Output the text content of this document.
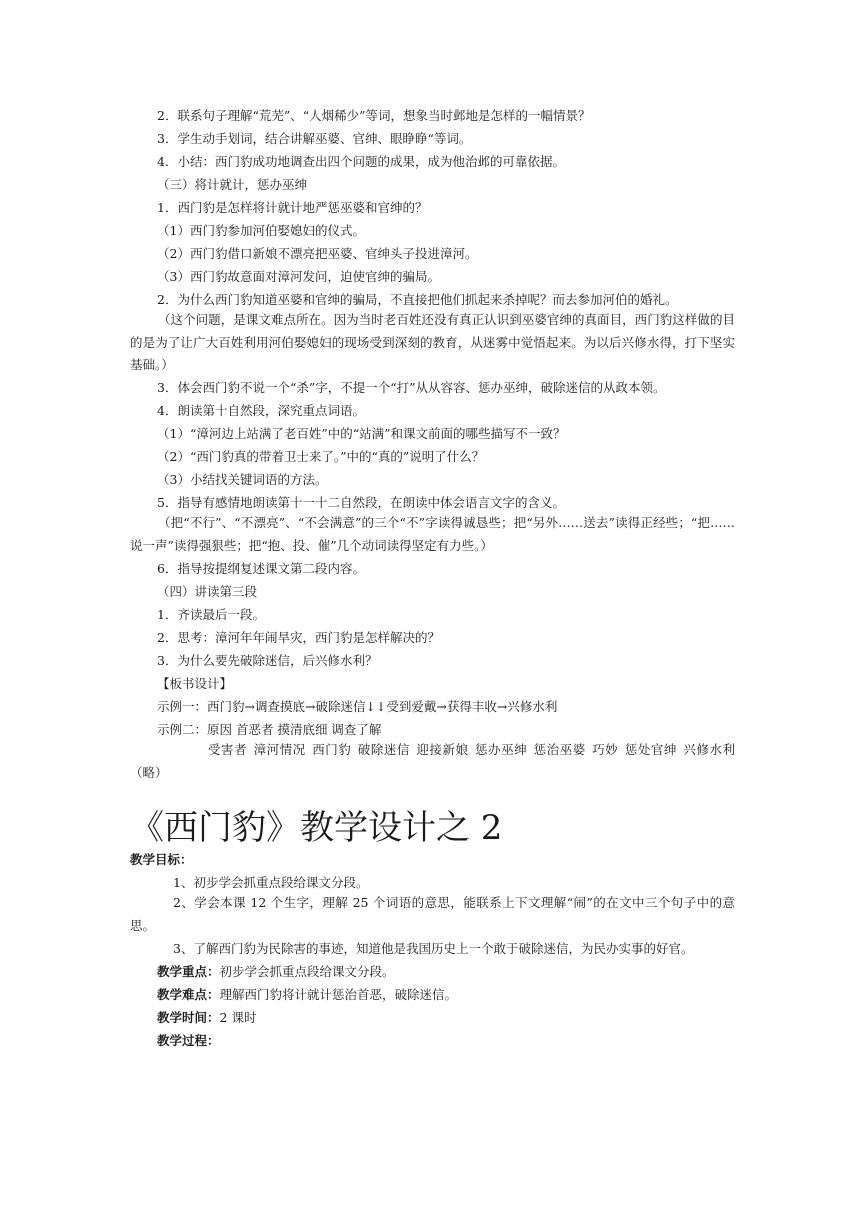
2．联系句子理解“荒芜”、“人烟稀少”等词，想象当时邺地是怎样的一幅情景？
3．学生动手划词，结合讲解巫婆、官绅、眼睁睁“等词。
4．小结：西门豹成功地调查出四个问题的成果，成为他治邺的可靠依据。
（三）将计就计，惩办巫绅
1．西门豹是怎样将计就计地严惩巫婆和官绅的？
（1）西门豹参加河伯娶媳妇的仪式。
（2）西门豹借口新娘不漂亮把巫婆、官绅头子投进漳河。
（3）西门豹故意面对漳河发问，迫使官绅的骗局。
2．为什么西门豹知道巫婆和官绅的骗局，不直接把他们抓起来杀掉呢？而去参加河伯的婚礼。
（这个问题，是课文难点所在。因为当时老百姓还没有真正认识到巫婆官绅的真面目，西门豹这样做的目的是为了让广大百姓利用河伯娶媳妇的现场受到深刻的教育，从迷雾中觉悟起来。为以后兴修水得，打下坚实基础。）
3．体会西门豹不说一个“杀”字，不提一个“打”从从容容、惩办巫绅，破除迷信的从政本领。
4．朗读第十自然段，深究重点词语。
（1）“漳河边上站满了老百姓”中的“站满”和课文前面的哪些描写不一致？
（2）“西门豹真的带着卫士来了。”中的“真的”说明了什么？
（3）小结找关键词语的方法。
5．指导有感情地朗读第十一十二自然段，在朗读中体会语言文字的含义。
（把“不行”、“不漂亮”、“不会满意”的三个“不”字读得诚恳些；把“另外……送去”读得正经些；“把……说一声”读得强狠些；把“抱、投、催”几个动词读得坚定有力些。）
6．指导按提纲复述课文第二段内容。
（四）讲读第三段
1．齐读最后一段。
2．思考：漳河年年闹旱灾，西门豹是怎样解决的？
3．为什么要先破除迷信，后兴修水利？
【板书设计】
示例一：西门豹→调查摸底→破除迷信↓↓受到爱戴→获得丰收→兴修水利
示例二：原因 首恶者 摸清底细 调查了解
受害者 漳河情况 西门豹 破除迷信 迎接新娘 惩办巫绅 惩治巫婆 巧妙 惩处官绅 兴修水利（略）
《西门豹》教学设计之 2
教学目标：
1、初步学会抓重点段给课文分段。
2、学会本课 12 个生字，理解 25 个词语的意思，能联系上下文理解“闹”的在文中三个句子中的意思。
3、了解西门豹为民除害的事迹，知道他是我国历史上一个敢于破除迷信，为民办实事的好官。
教学重点：初步学会抓重点段给课文分段。
教学难点：理解西门豹将计就计惩治首恶，破除迷信。
教学时间：2 课时
教学过程：
